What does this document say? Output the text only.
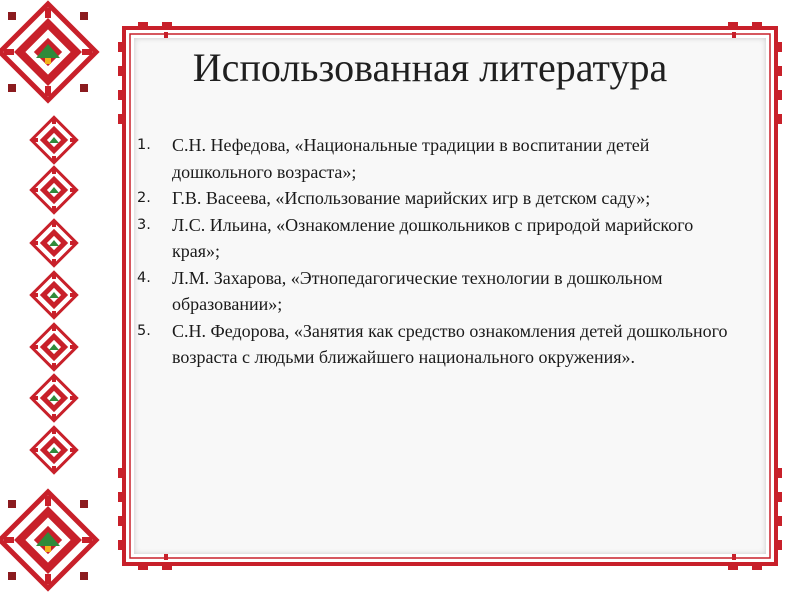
Использованная литература
1.	С.Н. Нефедова, «Национальные традиции в воспитании детей дошкольного возраста»;
2.	Г.В. Васеева, «Использование марийских игр в детском саду»;
3.	Л.С. Ильина, «Ознакомление дошкольников с природой марийского края»;
4.	Л.М. Захарова, «Этнопедагогические технологии в дошкольном образовании»;
5.	С.Н. Федорова, «Занятия как средство ознакомления детей дошкольного возраста с людьми ближайшего национального окружения».
